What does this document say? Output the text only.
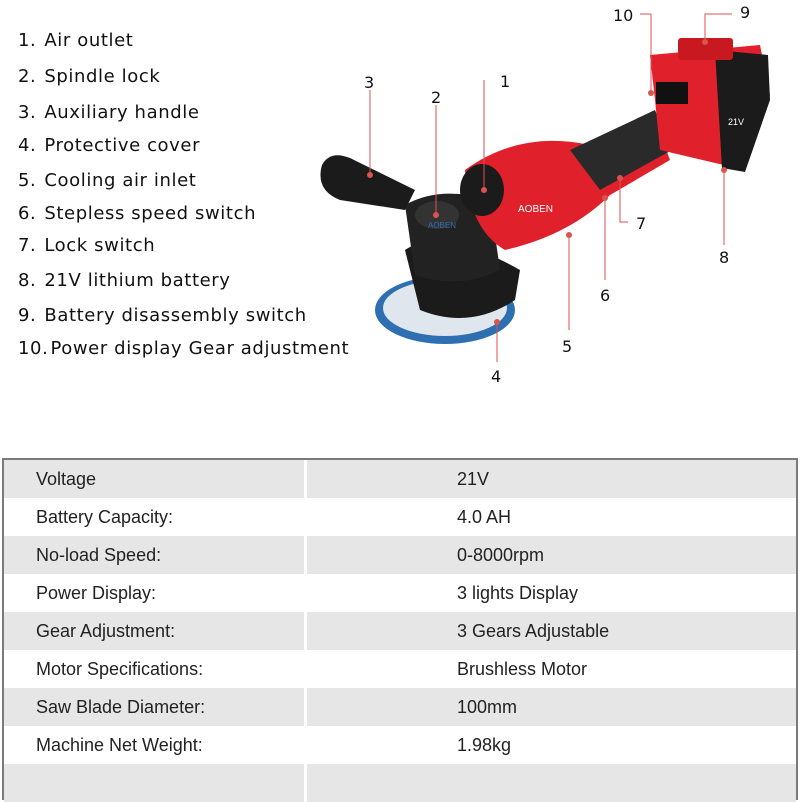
1. Air outlet
2. Spindle lock
3. Auxiliary handle
4. Protective cover
5. Cooling air inlet
6. Stepless speed switch
7. Lock switch
8. 21V lithium battery
9. Battery disassembly switch
10. Power display Gear adjustment
AOBEN
AOBEN
21V
1
2
3
4
5
6
7
8
9
10
Voltage	21V
Battery Capacity:	4.0 AH
No-load Speed:	0-8000rpm
Power Display:	3 lights Display
Gear Adjustment:	3 Gears Adjustable
Motor Specifications:	Brushless Motor
Saw Blade Diameter:	100mm
Machine Net Weight:	1.98kg
